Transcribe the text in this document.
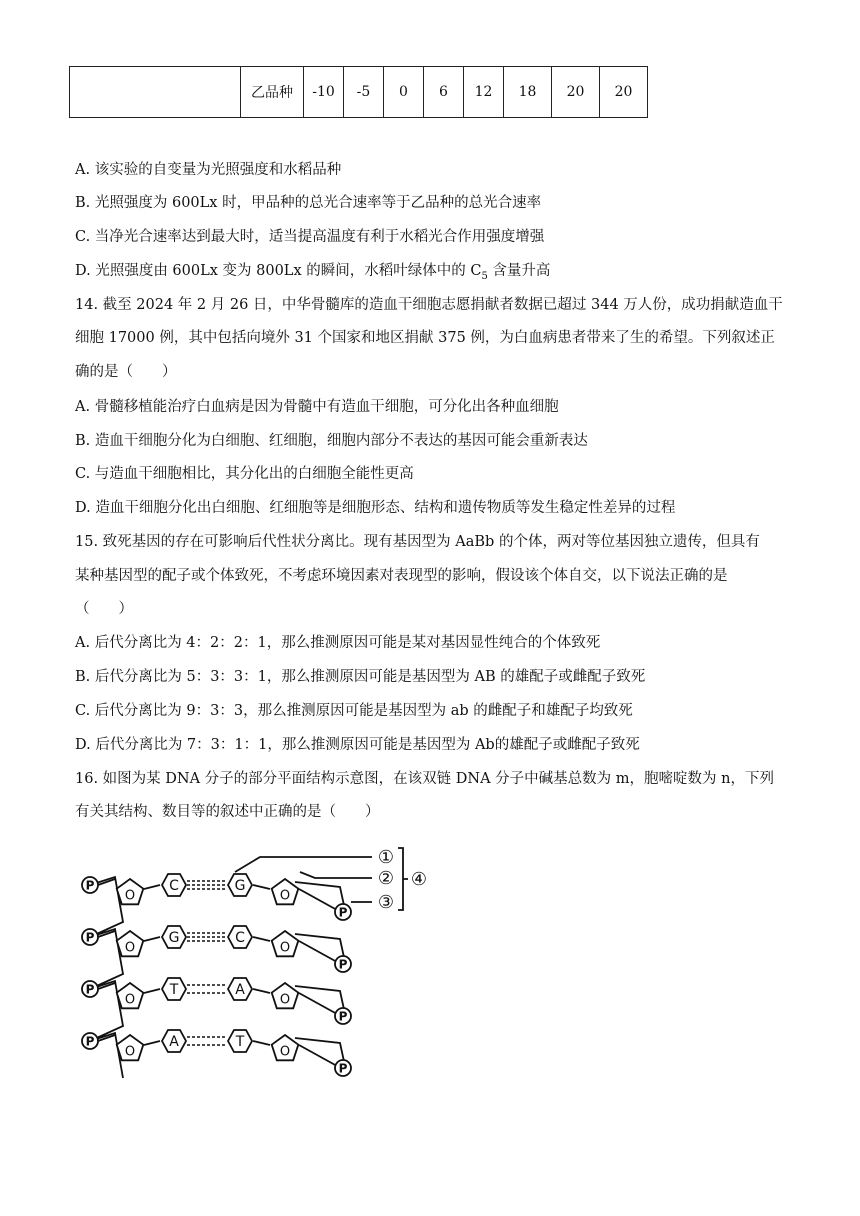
	乙品种	-10	-5	0	6	12	18	20	20
A. 该实验的自变量为光照强度和水稻品种
B. 光照强度为 600Lx 时，甲品种的总光合速率等于乙品种的总光合速率
C. 当净光合速率达到最大时，适当提高温度有利于水稻光合作用强度增强
D. 光照强度由 600Lx 变为 800Lx 的瞬间，水稻叶绿体中的 $C_5$ 含量升高
14. 截至 2024 年 2 月 26 日，中华骨髓库的造血干细胞志愿捐献者数据已超过 344 万人份，成功捐献造血干
细胞 17000 例，其中包括向境外 31 个国家和地区捐献 375 例，为白血病患者带来了生的希望。下列叙述正
确的是（　　）
A. 骨髓移植能治疗白血病是因为骨髓中有造血干细胞，可分化出各种血细胞
B. 造血干细胞分化为白细胞、红细胞，细胞内部分不表达的基因可能会重新表达
C. 与造血干细胞相比，其分化出的白细胞全能性更高
D. 造血干细胞分化出白细胞、红细胞等是细胞形态、结构和遗传物质等发生稳定性差异的过程
15. 致死基因的存在可影响后代性状分离比。现有基因型为 AaBb 的个体，两对等位基因独立遗传，但具有
某种基因型的配子或个体致死，不考虑环境因素对表现型的影响，假设该个体自交，以下说法正确的是
（　　）
A. 后代分离比为 4：2：2：1，那么推测原因可能是某对基因显性纯合的个体致死
B. 后代分离比为 5：3：3：1，那么推测原因可能是基因型为 AB 的雄配子或雌配子致死
C. 后代分离比为 9：3：3，那么推测原因可能是基因型为 ab 的雌配子和雄配子均致死
D. 后代分离比为 7：3：1：1，那么推测原因可能是基因型为 Ab的雄配子或雌配子致死
16. 如图为某 DNA 分子的部分平面结构示意图，在该双链 DNA 分子中碱基总数为 m，胞嘧啶数为 n，下列
有关其结构、数目等的叙述中正确的是（　　）
P
O
C	G
O
P
P
O
G	C
O
P
P
O
T	A
O
P
P
O
A	T
O
P
①
②
③
④
